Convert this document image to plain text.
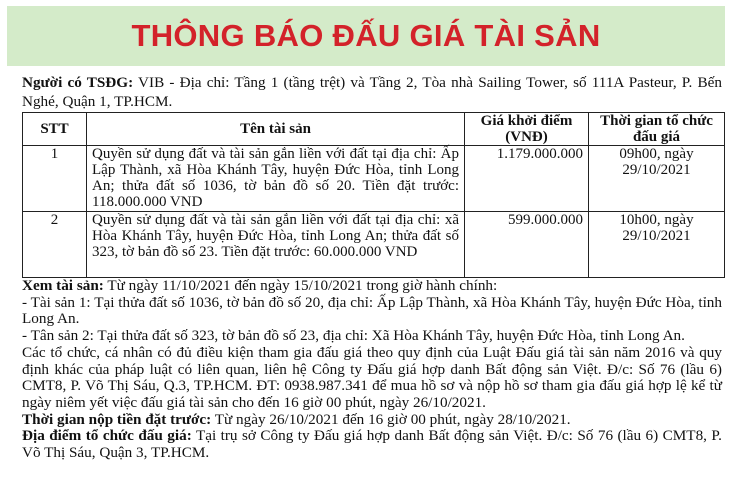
THÔNG BÁO ĐẤU GIÁ TÀI SẢN
Người có TSĐG: VIB - Địa chỉ: Tầng 1 (tầng trệt) và Tầng 2, Tòa nhà Sailing Tower, số 111A Pasteur, P. Bến Nghé, Quận 1, TP.HCM.
STT	Tên tài sản	Giá khởi điểm (VNĐ)	Thời gian tổ chức đấu giá
1	Quyền sử dụng đất và tài sản gắn liền với đất tại địa chỉ: Ấp Lập Thành, xã Hòa Khánh Tây, huyện Đức Hòa, tỉnh Long An; thửa đất số 1036, tờ bản đồ số 20. Tiền đặt trước: 118.000.000 VND	1.179.000.000	09h00, ngày 29/10/2021
2	Quyền sử dụng đất và tài sản gắn liền với đất tại địa chỉ: xã Hòa Khánh Tây, huyện Đức Hòa, tỉnh Long An; thửa đất số 323, tờ bản đồ số 23. Tiền đặt trước: 60.000.000 VND	599.000.000	10h00, ngày 29/10/2021

Xem tài sản: Từ ngày 11/10/2021 đến ngày 15/10/2021 trong giờ hành chính:

- Tài sản 1: Tại thửa đất số 1036, tờ bản đồ số 20, địa chỉ: Ấp Lập Thành, xã Hòa Khánh Tây, huyện Đức Hòa, tỉnh Long An.

- Tân sản 2: Tại thửa đất số 323, tờ bản đồ số 23, địa chỉ: Xã Hòa Khánh Tây, huyện Đức Hòa, tỉnh Long An.

Các tổ chức, cá nhân có đủ điều kiện tham gia đấu giá theo quy định của Luật Đấu giá tài sản năm 2016 và quy định khác của pháp luật có liên quan, liên hệ Công ty Đấu giá hợp danh Bất động sản Việt. Đ/c: Số 76 (lầu 6) CMT8, P. Võ Thị Sáu, Q.3, TP.HCM. ĐT: 0938.987.341 để mua hồ sơ và nộp hồ sơ tham gia đấu giá hợp lệ kể từ ngày niêm yết việc đấu giá tài sản cho đến 16 giờ 00 phút, ngày 26/10/2021.

Thời gian nộp tiền đặt trước: Từ ngày 26/10/2021 đến 16 giờ 00 phút, ngày 28/10/2021.

Địa điểm tổ chức đấu giá: Tại trụ sở Công ty Đấu giá hợp danh Bất động sản Việt. Đ/c: Số 76 (lầu 6) CMT8, P. Võ Thị Sáu, Quận 3, TP.HCM.
